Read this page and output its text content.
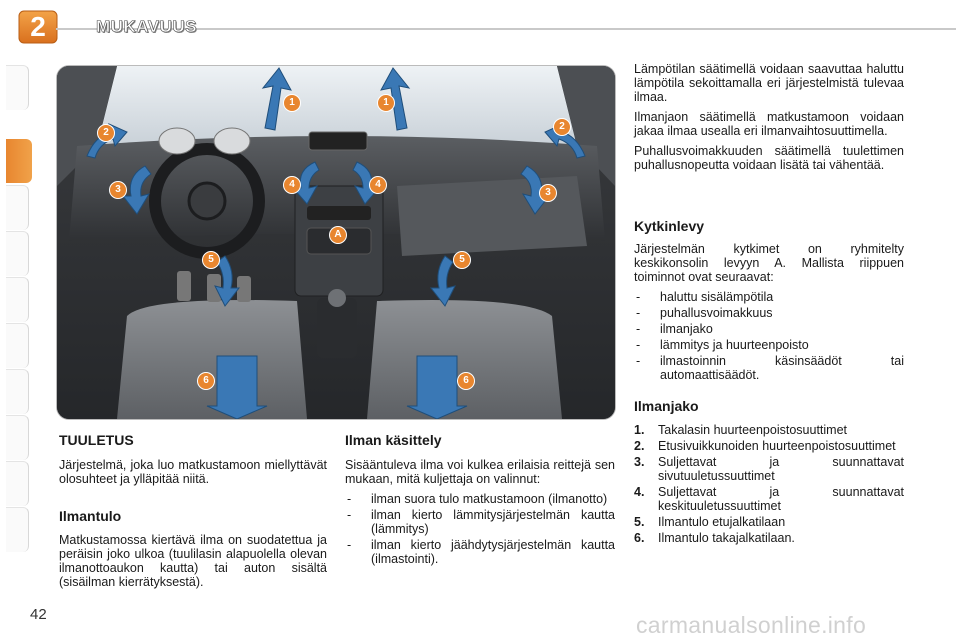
2	MUKAVUUS
1	1
2
2
3	3
4	4
A
5	5
6	6
TUULETUS

Järjestelmä, joka luo matkustamoon miellyttävät olosuhteet ja ylläpitää niitä.

Ilmantulo

Matkustamossa kiertävä ilma on suodatettua ja peräisin joko ulkoa (tuulilasin alapuolella olevan ilmanottoaukon kautta) tai auton sisältä (sisäilman kierrätyksestä).

Ilman käsittely

Sisääntuleva ilma voi kulkea erilaisia reittejä sen mukaan, mitä kuljettaja on valinnut:

- ilman suora tulo matkustamoon (ilmanotto)
- ilman kierto lämmitysjärjestelmän kautta (lämmitys)
- ilman kierto jäähdytysjärjestelmän kautta (ilmastointi).

Lämpötilan säätimellä voidaan saavuttaa haluttu lämpötila sekoittamalla eri järjestelmistä tulevaa ilmaa.

Ilmanjaon säätimellä matkustamoon voidaan jakaa ilmaa usealla eri ilmanvaihtosuuttimella.

Puhallusvoimakkuuden säätimellä tuulettimen puhallusnopeutta voidaan lisätä tai vähentää.

Kytkinlevy

Järjestelmän kytkimet on ryhmitelty keskikonsolin levyyn A. Mallista riippuen toiminnot ovat seuraavat:

- haluttu sisälämpötila
- puhallusvoimakkuus
- ilmanjako
- lämmitys ja huurteenpoisto
- ilmastoinnin käsinsäädöt tai automaattisäädöt.
Ilmanjako
1. Takalasin huurteenpoistosuuttimet
2. Etusivuikkunoiden huurteenpoistosuuttimet
3. Suljettavat ja suunnattavat sivutuuletussuuttimet
4. Suljettavat ja suunnattavat keskituuletussuuttimet
5. Ilmantulo etujalkatilaan
6. Ilmantulo takajalkatilaan.
42	carmanualsonline.info
